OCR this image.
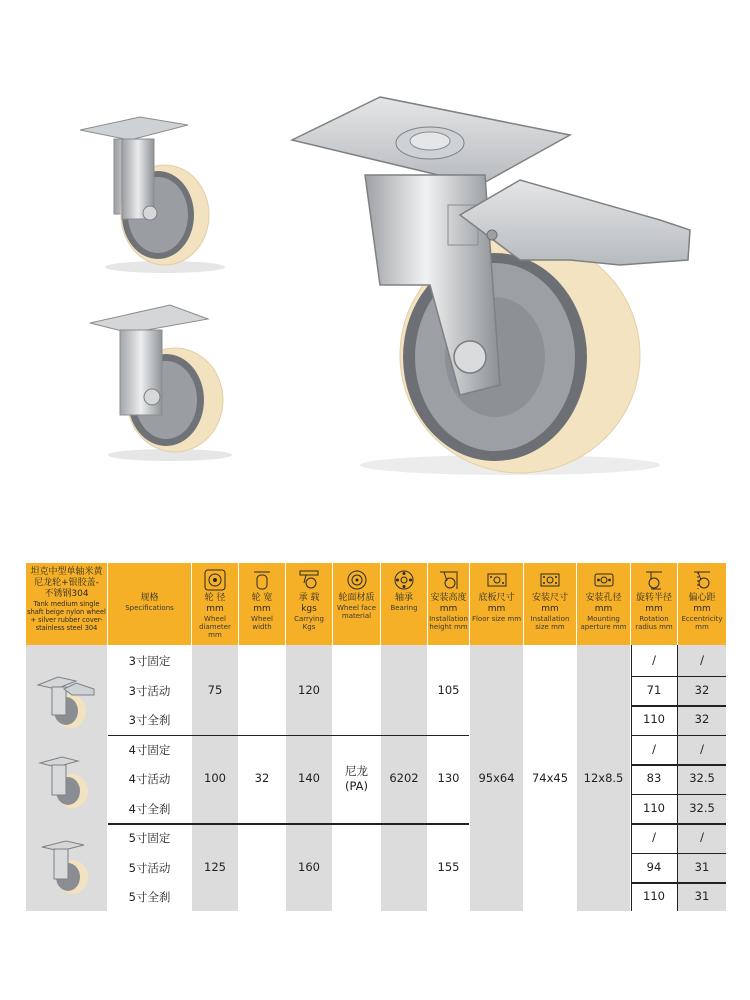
坦克中型单轴米黄
尼龙轮+银胶盖-
不锈钢304
Tank medium single
shaft beige nylon wheel
+ silver rubber cover-
stainless steel 304
规格
Specifications
轮 径
mm
Wheel
diameter
mm
轮 宽
mm
Wheel
width
承 载
kgs
Carrying
Kgs
轮面材质
Wheel face
material
轴承
Bearing
安装高度
mm
Installation
height mm
底板尺寸
mm
Floor size mm
安装尺寸
mm
Installation
size mm
安装孔径
mm
Mounting
aperture mm
旋转半径
mm
Rotation
radius mm
偏心距
mm
Eccentricity
mm
3寸固定
3寸活动
3寸全刹
4寸固定
4寸活动
4寸全刹
5寸固定
5寸活动
5寸全刹
75
100
125
32
120
140
160
尼龙
(PA)
6202
105
130
155
95x64	74x45	12x8.5
/
71
110
/
83
110
/
94
110
/
32
32
/
32.5
32.5
/
31
31
